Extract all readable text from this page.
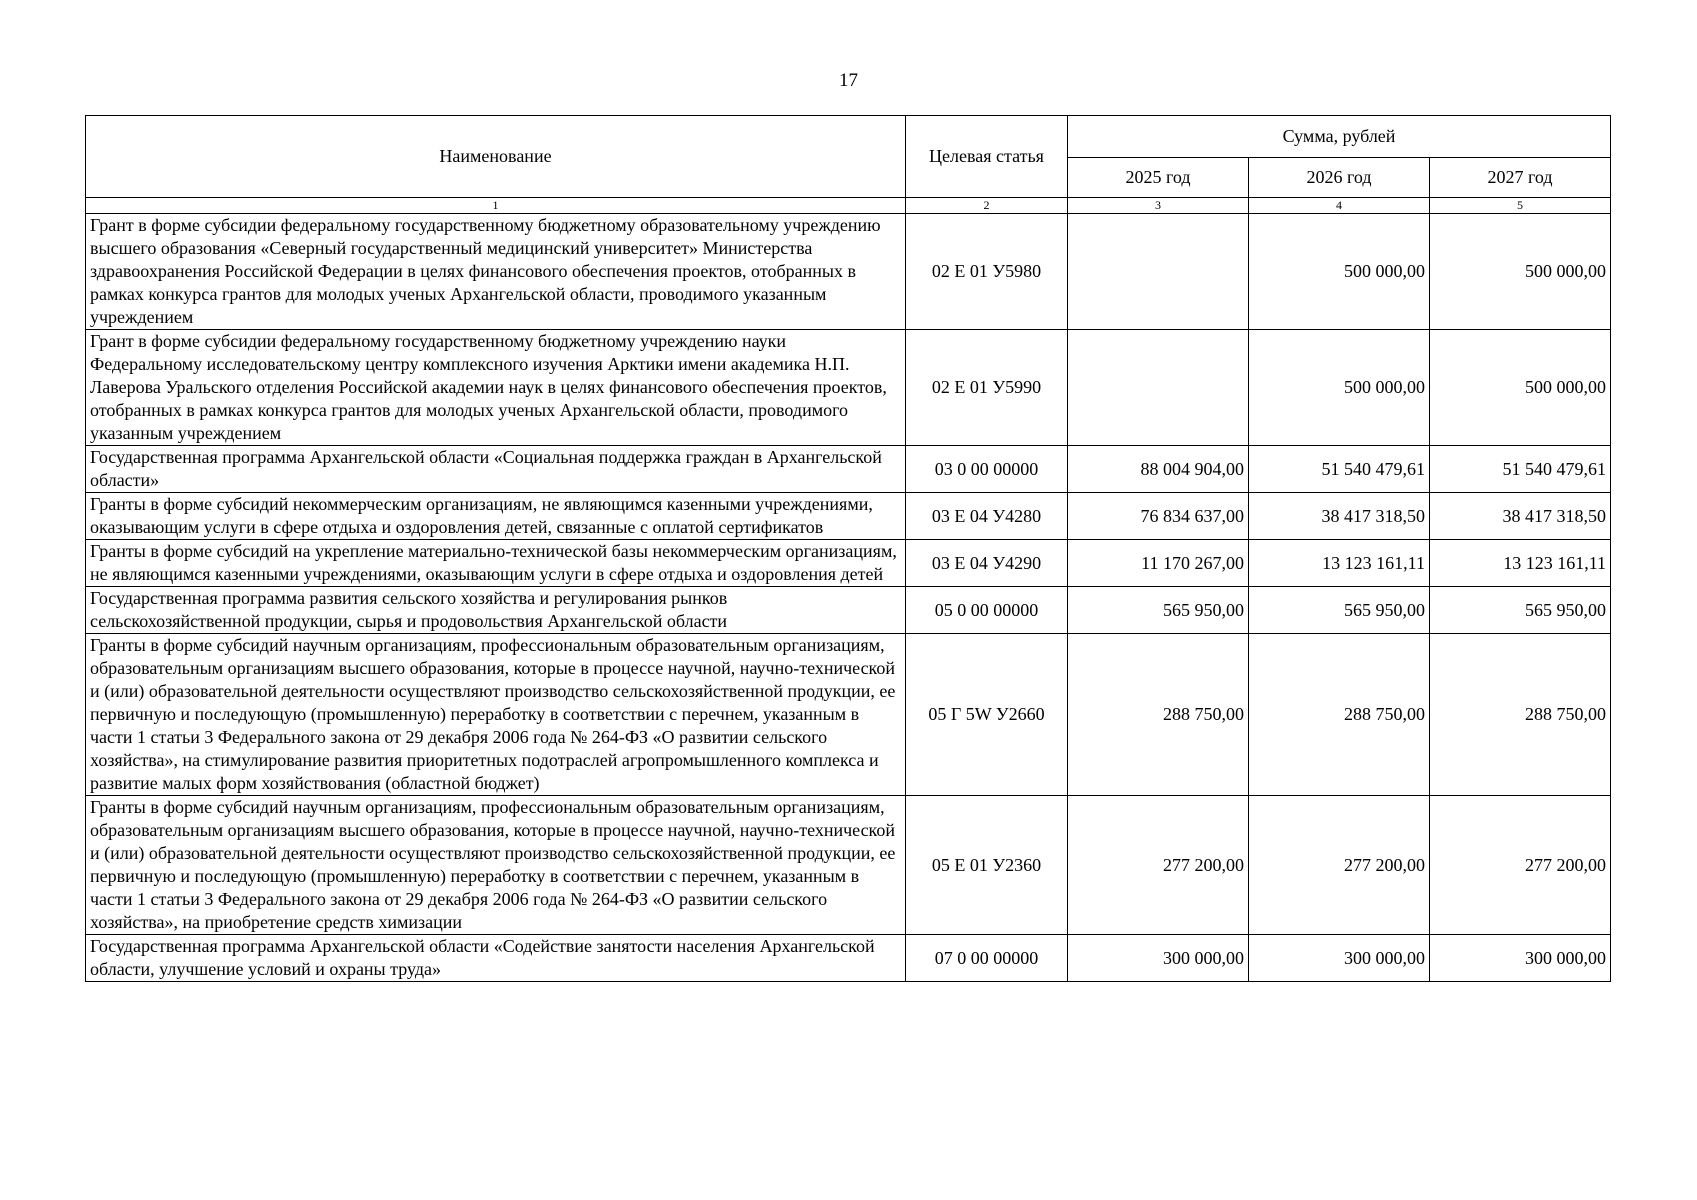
17
Наименование	Целевая статья	Сумма, рублей		
		2025 год	2026 год	2027 год
1	2	3	4	5
Грант в форме субсидии федеральному государственному бюджетному образовательному учреждению высшего образования «Северный государственный медицинский университет» Министерства здравоохранения Российской Федерации в целях финансового обеспечения проектов, отобранных в рамках конкурса грантов для молодых ученых Архангельской области, проводимого указанным учреждением	02 Е 01 У5980		500 000,00	500 000,00
Грант в форме субсидии федеральному государственному бюджетному учреждению науки Федеральному исследовательскому центру комплексного изучения Арктики имени академика Н.П. Лаверова Уральского отделения Российской академии наук в целях финансового обеспечения проектов, отобранных в рамках конкурса грантов для молодых ученых Архангельской области, проводимого указанным учреждением	02 Е 01 У5990		500 000,00	500 000,00
Государственная программа Архангельской области «Социальная поддержка граждан в Архангельской области»	03 0 00 00000	88 004 904,00	51 540 479,61	51 540 479,61
Гранты в форме субсидий некоммерческим организациям, не являющимся казенными учреждениями, оказывающим услуги в сфере отдыха и оздоровления детей, связанные с оплатой сертификатов	03 Е 04 У4280	76 834 637,00	38 417 318,50	38 417 318,50
Гранты в форме субсидий на укрепление материально-технической базы некоммерческим организациям, не являющимся казенными учреждениями, оказывающим услуги в сфере отдыха и оздоровления детей	03 Е 04 У4290	11 170 267,00	13 123 161,11	13 123 161,11
Государственная программа развития сельского хозяйства и регулирования рынков сельскохозяйственной продукции, сырья и продовольствия Архангельской области	05 0 00 00000	565 950,00	565 950,00	565 950,00
Гранты в форме субсидий научным организациям, профессиональным образовательным организациям, образовательным организациям высшего образования, которые в процессе научной, научно-технической и (или) образовательной деятельности осуществляют производство сельскохозяйственной продукции, ее первичную и последующую (промышленную) переработку в соответствии с перечнем, указанным в части 1 статьи 3 Федерального закона от 29 декабря 2006 года № 264-ФЗ «О развитии сельского хозяйства», на стимулирование развития приоритетных подотраслей агропромышленного комплекса и развитие малых форм хозяйствования (областной бюджет)	05 Г 5W У2660	288 750,00	288 750,00	288 750,00
Гранты в форме субсидий научным организациям, профессиональным образовательным организациям, образовательным организациям высшего образования, которые в процессе научной, научно-технической и (или) образовательной деятельности осуществляют производство сельскохозяйственной продукции, ее первичную и последующую (промышленную) переработку в соответствии с перечнем, указанным в части 1 статьи 3 Федерального закона от 29 декабря 2006 года № 264-ФЗ «О развитии сельского хозяйства», на приобретение средств химизации	05 Е 01 У2360	277 200,00	277 200,00	277 200,00
Государственная программа Архангельской области «Содействие занятости населения Архангельской области, улучшение условий и охраны труда»	07 0 00 00000	300 000,00	300 000,00	300 000,00
